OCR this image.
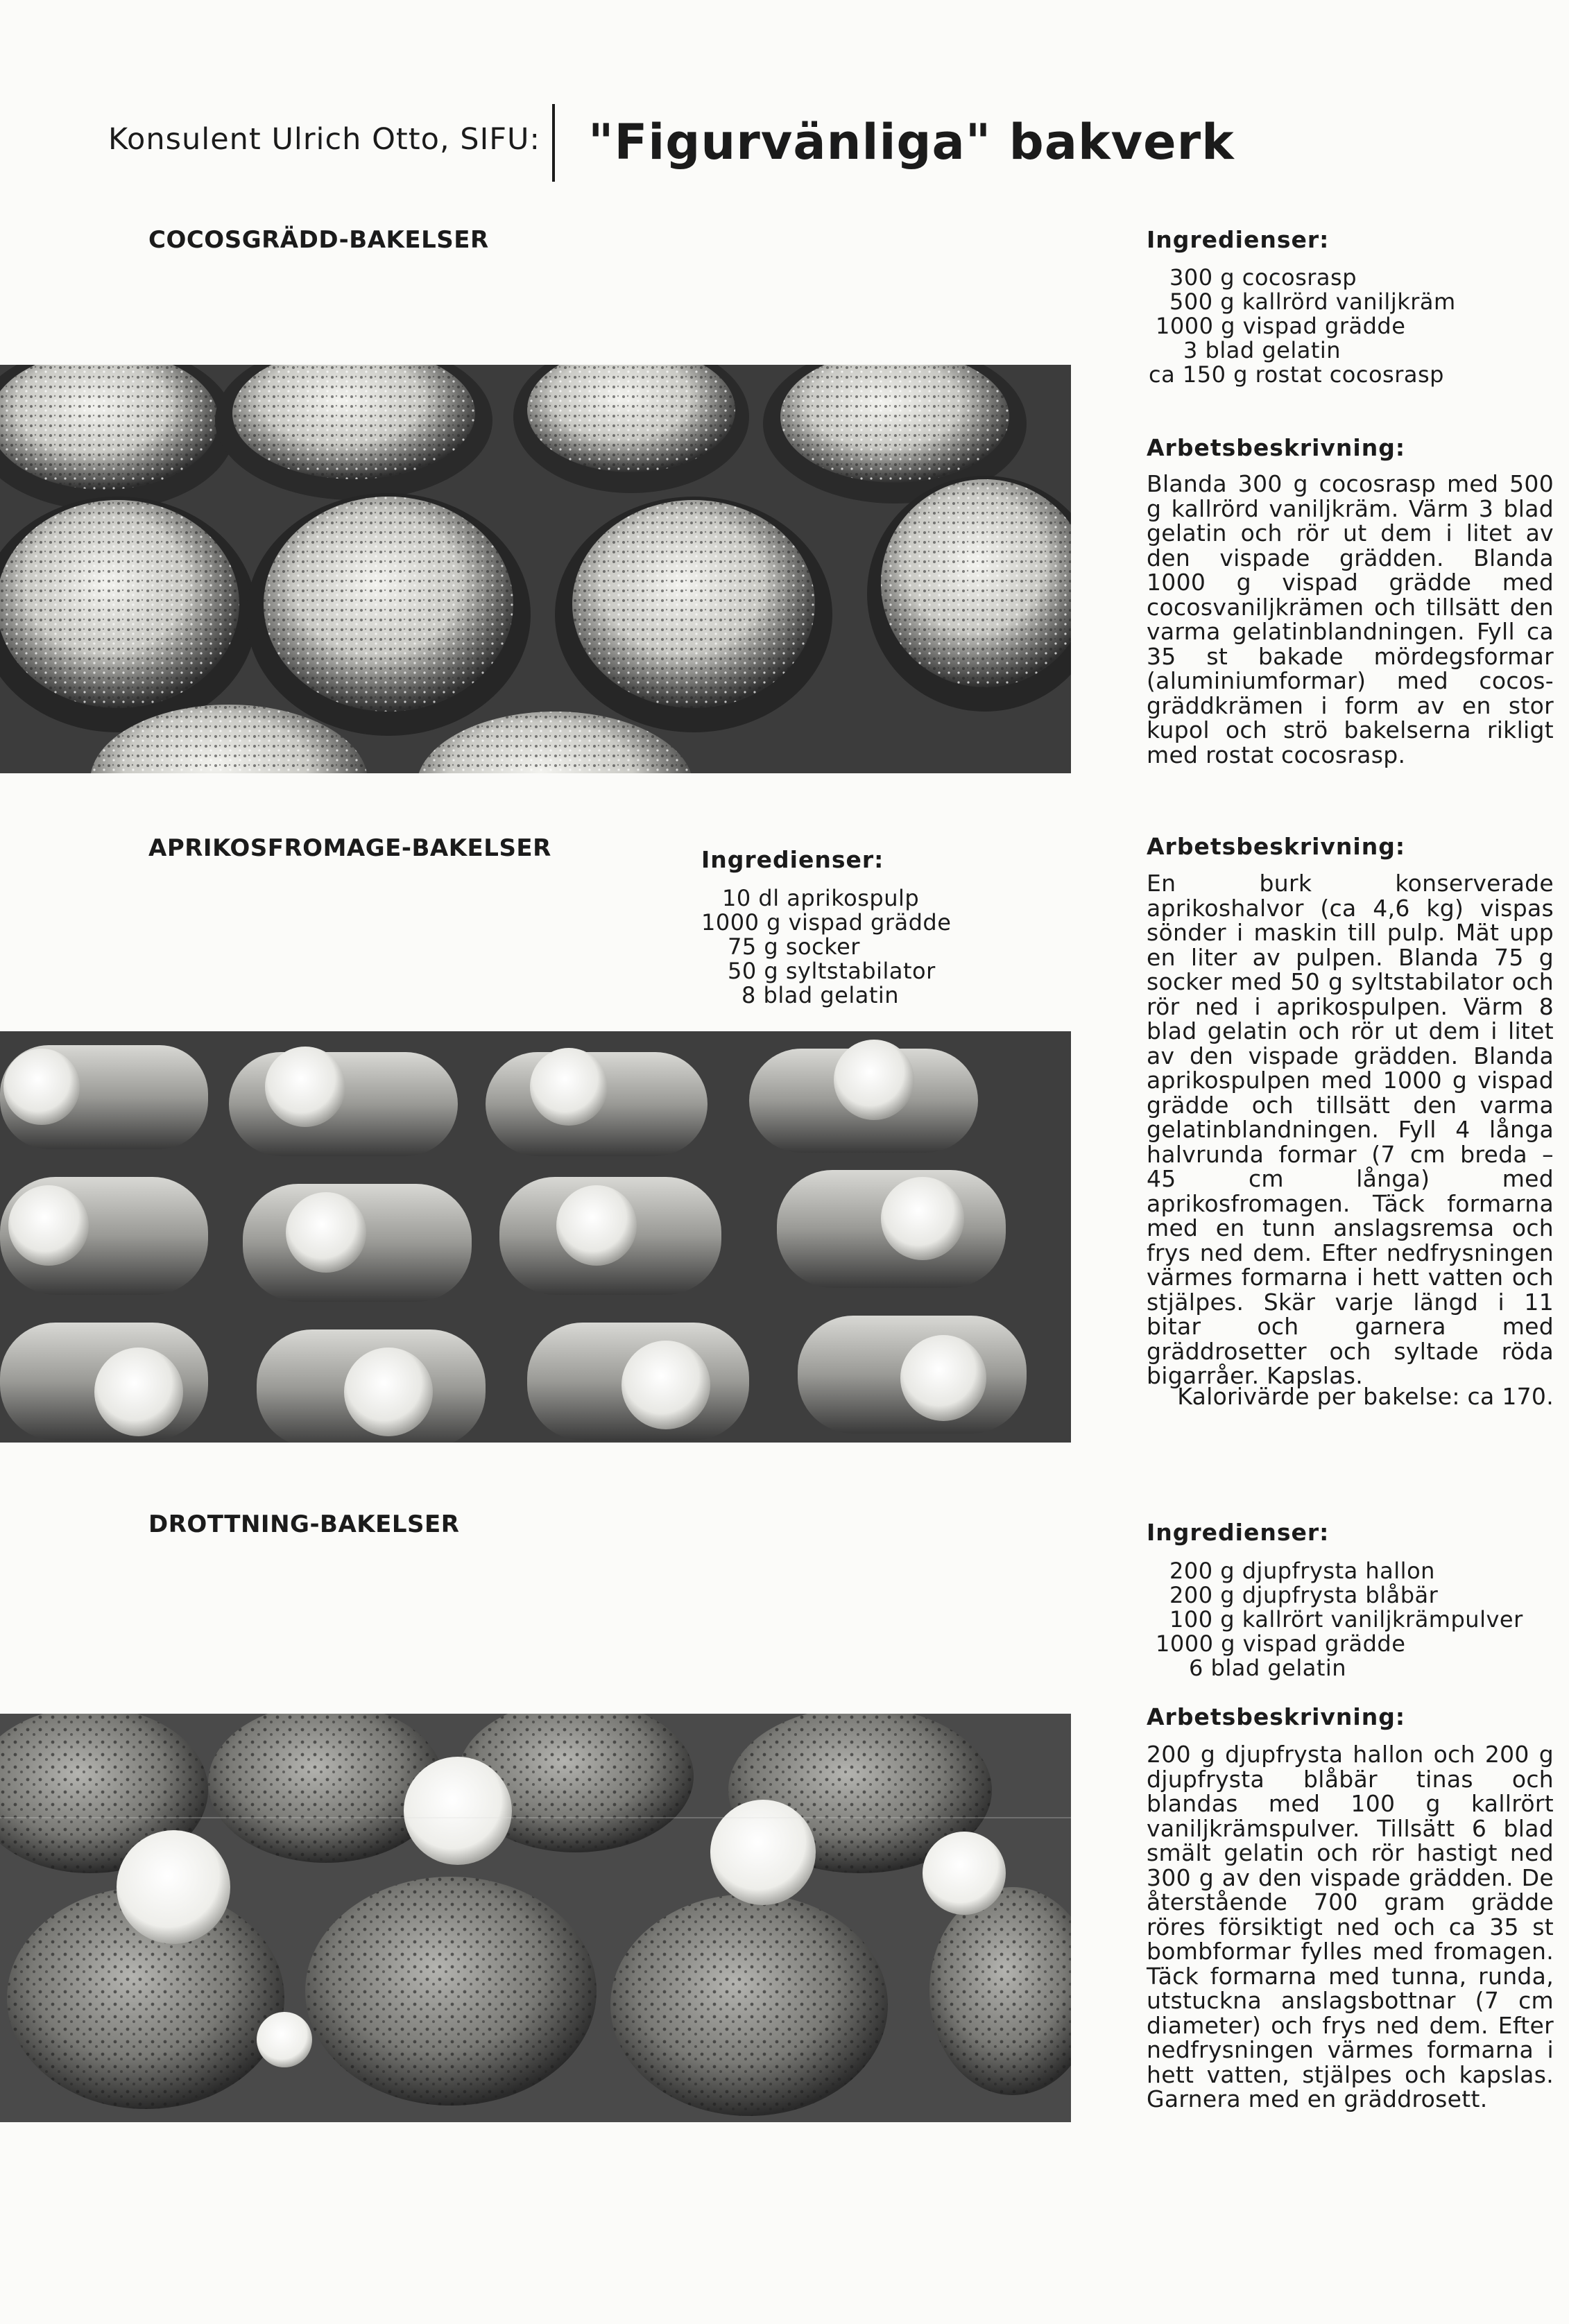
Konsulent Ulrich Otto, SIFU: "Figurvänliga" bakverk
COCOSGRÄDD-BAKELSER	Ingredienser:
300 g cocosrasp
500 g kallrörd vaniljkräm
1000 g vispad grädde
3 blad gelatin
ca 150 g rostat cocosrasp
Arbetsbeskrivning:
Blanda 300 g cocosrasp med 500 g kallrörd vaniljkräm. Värm 3 blad gelatin och rör ut dem i litet av den vispade grädden. Blanda 1000 g vispad grädde med cocosvaniljkrämen och tillsätt den varma gelatinblandningen. Fyll ca 35 st bakade mördegsformar (aluminiumformar) med cocos-gräddkrämen i form av en stor kupol och strö bakelserna rikligt med rostat cocosrasp.
APRIKOSFROMAGE-BAKELSER	Ingredienser:
10 dl aprikospulp
1000 g vispad grädde
75 g socker
50 g syltstabilator
8 blad gelatin
Arbetsbeskrivning:
En burk konserverade aprikoshalvor (ca 4,6 kg) vispas sönder i maskin till pulp. Mät upp en liter av pulpen. Blanda 75 g socker med 50 g syltstabilator och rör ned i aprikospulpen. Värm 8 blad gelatin och rör ut dem i litet av den vispade grädden. Blanda aprikospulpen med 1000 g vispad grädde och tillsätt den varma gelatinblandningen. Fyll 4 långa halvrunda formar (7 cm breda – 45 cm långa) med aprikosfromagen. Täck formarna med en tunn anslagsremsa och frys ned dem. Efter nedfrysningen värmes formarna i hett vatten och stjälpes. Skär varje längd i 11 bitar och garnera med gräddrosetter och syltade röda bigarråer. Kapslas.
Kalorivärde per bakelse: ca 170.
DROTTNING-BAKELSER	Ingredienser:
200 g djupfrysta hallon
200 g djupfrysta blåbär
100 g kallrört vaniljkrämpulver
1000 g vispad grädde
6 blad gelatin
Arbetsbeskrivning:
200 g djupfrysta hallon och 200 g djupfrysta blåbär tinas och blandas med 100 g kallrört vaniljkrämspulver. Tillsätt 6 blad smält gelatin och rör hastigt ned 300 g av den vispade grädden. De återstående 700 gram grädde röres försiktigt ned och ca 35 st bombformar fylles med fromagen. Täck formarna med tunna, runda, utstuckna anslagsbottnar (7 cm diameter) och frys ned dem. Efter nedfrysningen värmes formarna i hett vatten, stjälpes och kapslas. Garnera med en gräddrosett.
